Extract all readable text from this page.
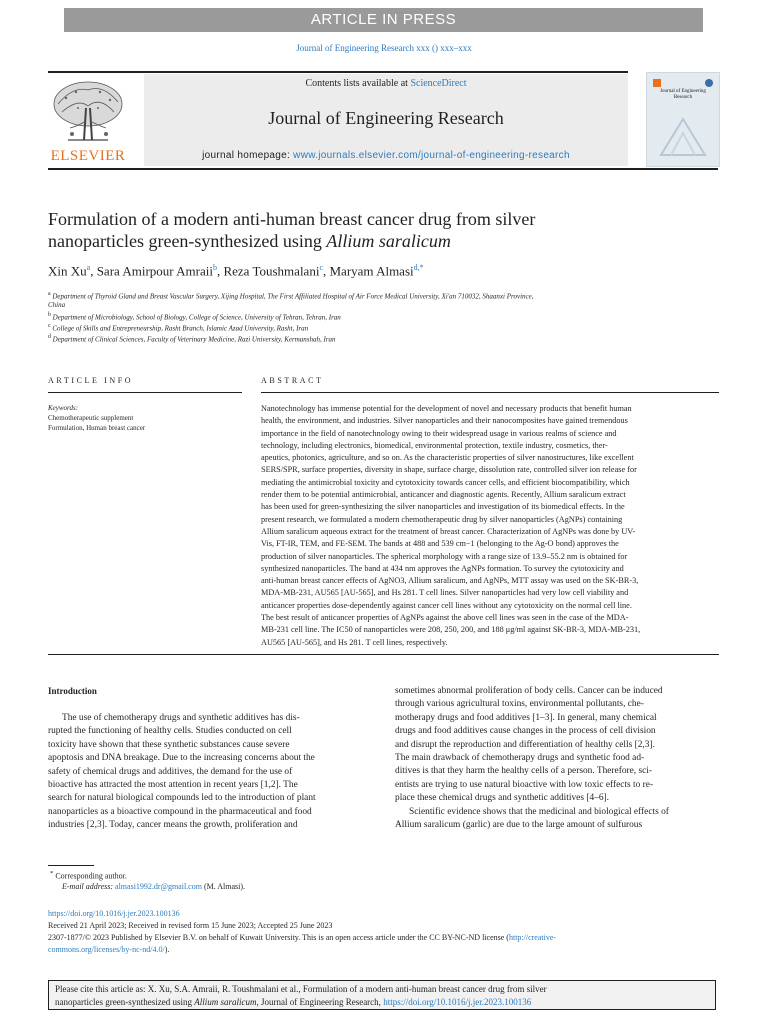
ARTICLE IN PRESS
Journal of Engineering Research xxx () xxx–xxx
Contents lists available at ScienceDirect
Journal of Engineering Research
journal homepage: www.journals.elsevier.com/journal-of-engineering-research
ELSEVIER
Journal of Engineering Research
Formulation of a modern anti-human breast cancer drug from silver
nanoparticles green-synthesized using Allium saralicum
Xin Xu$^a$, Sara Amirpour Amraii$^b$, Reza Toushmalani$^c$, Maryam Almasi$^{d,*}$
$^a$ Department of Thyroid Gland and Breast Vascular Surgery, Xijing Hospital, The First Affiliated Hospital of Air Force Medical University, Xi'an 710032, Shaanxi Province,
China
$^b$ Department of Microbiology, School of Biology, College of Science, University of Tehran, Tehran, Iran
$^c$ College of Skills and Entrepreneurship, Rasht Branch, Islamic Azad University, Rasht, Iran
$^d$ Department of Clinical Sciences, Faculty of Veterinary Medicine, Razi University, Kermanshah, Iran
ARTICLE INFO	ABSTRACT
Keywords:
Chemotherapeutic supplement
Formulation, Human breast cancer
Nanotechnology has immense potential for the development of novel and necessary products that benefit human
health, the environment, and industries. Silver nanoparticles and their nanocomposites have gained tremendous
importance in the field of nanotechnology owing to their widespread usage in various realms of science and
technology, including electronics, biomedical, environmental protection, textile industry, cosmetics, ther-
apeutics, photonics, agriculture, and so on. As the characteristic properties of silver nanostructures, like excellent
SERS/SPR, surface properties, diversity in shape, surface charge, dissolution rate, controlled silver ion release for
mediating the antimicrobial toxicity and cytotoxicity towards cancer cells, and efficient biocompatibility, which
render them to be potential antimicrobial, anticancer and diagnostic agents. Recently, Allium saralicum extract
has been used for green-synthesizing the silver nanoparticles and investigation of its biomedical effects. In the
present research, we formulated a modern chemotherapeutic drug by silver nanoparticles (AgNPs) containing
Allium saralicum aqueous extract for the treatment of breast cancer. Characterization of AgNPs was done by UV-
Vis, FT-IR, TEM, and FE-SEM. The bands at 488 and 539 cm−1 (belonging to the Ag-O bond) approves the
production of silver nanoparticles. The spherical morphology with a range size of 13.9–55.2 nm is obtained for
synthesized nanoparticles. The band at 434 nm approves the AgNPs formation. To survey the cytotoxicity and
anti-human breast cancer effects of AgNO3, Allium saralicum, and AgNPs, MTT assay was used on the SK-BR-3,
MDA-MB-231, AU565 [AU-565], and Hs 281. T cell lines. Silver nanoparticles had very low cell viability and
anticancer properties dose-dependently against cancer cell lines without any cytotoxicity on the normal cell line.
The best result of anticancer properties of AgNPs against the above cell lines was seen in the case of the MDA-
MB-231 cell line. The IC50 of nanoparticles were 208, 250, 200, and 188 μg/ml against SK-BR-3, MDA-MB-231,
AU565 [AU-565], and Hs 281. T cell lines, respectively.
Introduction
The use of chemotherapy drugs and synthetic additives has dis-
rupted the functioning of healthy cells. Studies conducted on cell
toxicity have shown that these synthetic substances cause severe
apoptosis and DNA breakage. Due to the increasing concerns about the
safety of chemical drugs and additives, the demand for the use of
bioactive has attracted the most attention in recent years [1,2]. The
search for natural biological compounds led to the introduction of plant
nanoparticles as a bioactive compound in the pharmaceutical and food
industries [2,3]. Today, cancer means the growth, proliferation and
sometimes abnormal proliferation of body cells. Cancer can be induced
through various agricultural toxins, environmental pollutants, che-
motherapy drugs and food additives [1–3]. In general, many chemical
drugs and food additives cause changes in the process of cell division
and disrupt the reproduction and differentiation of healthy cells [2,3].
The main drawback of chemotherapy drugs and synthetic food ad-
ditives is that they harm the healthy cells of a person. Therefore, sci-
entists are trying to use natural bioactive with low toxic effects to re-
place these chemical drugs and synthetic additives [4–6].
Scientific evidence shows that the medicinal and biological effects of
Allium saralicum (garlic) are due to the large amount of sulfurous
* Corresponding author.
E-mail address: almasi1992.dr@gmail.com (M. Almasi).
https://doi.org/10.1016/j.jer.2023.100136
Received 21 April 2023; Received in revised form 15 June 2023; Accepted 25 June 2023
2307-1877/© 2023 Published by Elsevier B.V. on behalf of Kuwait University. This is an open access article under the CC BY-NC-ND license (http://creative-
commons.org/licenses/by-nc-nd/4.0/).
Please cite this article as: X. Xu, S.A. Amraii, R. Toushmalani et al., Formulation of a modern anti-human breast cancer drug from silver
nanoparticles green-synthesized using Allium saralicum, Journal of Engineering Research, https://doi.org/10.1016/j.jer.2023.100136
